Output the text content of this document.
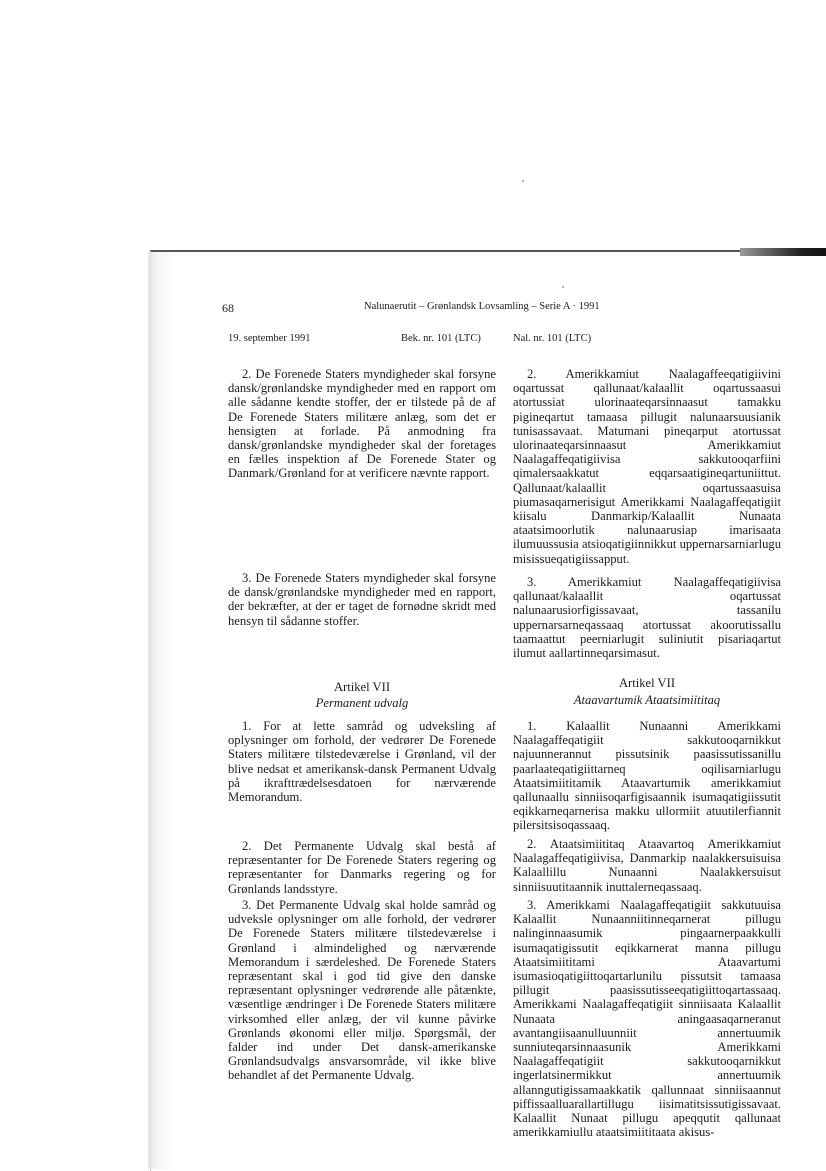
68	Nalunaerutit – Grønlandsk Lovsamling – Serie A · 1991
19. september 1991	Bek. nr. 101 (LTC)	Nal. nr. 101 (LTC)
2. De Forenede Staters myndigheder skal forsyne dansk/grønlandske myndigheder med en rapport om alle sådanne kendte stoffer, der er tilstede på de af De Forenede Staters militære anlæg, som det er hensigten at forlade. På anmodning fra dansk/grønlandske myndigheder skal der foretages en fælles inspektion af De Forenede Stater og Danmark/Grønland for at verificere nævnte rapport.
3. De Forenede Staters myndigheder skal forsyne de dansk/grønlandske myndigheder med en rapport, der bekræfter, at der er taget de fornødne skridt med hensyn til sådanne stoffer.
Artikel VII
Permanent udvalg
1. For at lette samråd og udveksling af oplysninger om forhold, der vedrører De Forenede Staters militære tilstedeværelse i Grønland, vil der blive nedsat et amerikansk-dansk Permanent Udvalg på ikrafttrædelsesdatoen for nærværende Memorandum.
2. Det Permanente Udvalg skal bestå af repræsentanter for De Forenede Staters regering og repræsentanter for Danmarks regering og for Grønlands landsstyre.
3. Det Permanente Udvalg skal holde samråd og udveksle oplysninger om alle forhold, der vedrører De Forenede Staters militære tilstedeværelse i Grønland i almindelighed og nærværende Memorandum i særdeleshed. De Forenede Staters repræsentant skal i god tid give den danske repræsentant oplysninger vedrørende alle påtænkte, væsentlige ændringer i De Forenede Staters militære virksomhed eller anlæg, der vil kunne påvirke Grønlands økonomi eller miljø. Spørgsmål, der falder ind under Det dansk-amerikanske Grønlandsudvalgs ansvarsområde, vil ikke blive behandlet af det Permanente Udvalg.
2. Amerikkamiut Naalagaffeeqatigiivini oqartussat qallunaat/kalaallit oqartussaasui atortussiat ulorinaateqarsinnaasut tamakku pigineqartut tamaasa pillugit nalunaarsuusianik tunisassavaat. Matumani pineqarput atortussat ulorinaateqarsinnaasut Amerikkamiut Naalagaffeqatigiivisa sakkutooqarfiini qimalersaakkatut eqqarsaatigineqartuniittut. Qallunaat/kalaallit oqartussaasuisa piumasaqarnerisigut Amerikkami Naalagaffeqatigiit kiisalu Danmarkip/Kalaallit Nunaata ataatsimoorlutik nalunaarusiap imarisaata ilumuussusia atsioqatigiinnikkut uppernarsarniarlugu misissueqatigiissapput.
3. Amerikkamiut Naalagaffeqatigiivisa qallunaat/kalaallit oqartussat nalunaarusiorfigissavaat, tassanilu uppernarsarneqassaaq atortussat akoorutissallu taamaattut peerniarlugit suliniutit pisariaqartut ilumut aallartinneqarsimasut.
Artikel VII
Ataavartumik Ataatsimiititaq
1. Kalaallit Nunaanni Amerikkami Naalagaffeqatigiit sakkutooqarnikkut najuunnerannut pissutsinik paasissutissanillu paarlaateqatigiittarneq oqilisarniarlugu Ataatsimiititamik Ataavartumik amerikkamiut qallunaallu sinniisoqarfigisaannik isumaqatigiissutit eqikkarneqarnerisa makku ullormiit atuutilerfiannit pilersitsisoqassaaq.
2. Ataatsimiititaq Ataavartoq Amerikkamiut Naalagaffeqatigiivisa, Danmarkip naalakkersuisuisa Kalaallillu Nunaanni Naalakkersuisut sinniisuutitaannik inuttalerneqassaaq.
3. Amerikkami Naalagaffeqatigiit sakkutuuisa Kalaallit Nunaanniitinneqarnerat pillugu nalinginnaasumik pingaarnerpaakkulli isumaqatigissutit eqikkarnerat manna pillugu Ataatsimiititami Ataavartumi isumasioqatigiittoqartarlunilu pissutsit tamaasa pillugit paasissutisseeqatigiittoqartassaaq. Amerikkami Naalagaffeqatigiit sinniisaata Kalaallit Nunaata aningaasaqarneranut avantangiisaanulluunniit annertuumik sunniuteqarsinnaasunik Amerikkami Naalagaffeqatigiit sakkutooqarnikkut ingerlatsinermikkut annertuumik allanngutigissamaakkatik qallunnaat sinniisaannut piffissaalluarallartillugu iisimatitsissutigissavaat. Kalaallit Nunaat pillugu apeqqutit qallunaat amerikkamiullu ataatsimiititaata akisus-
